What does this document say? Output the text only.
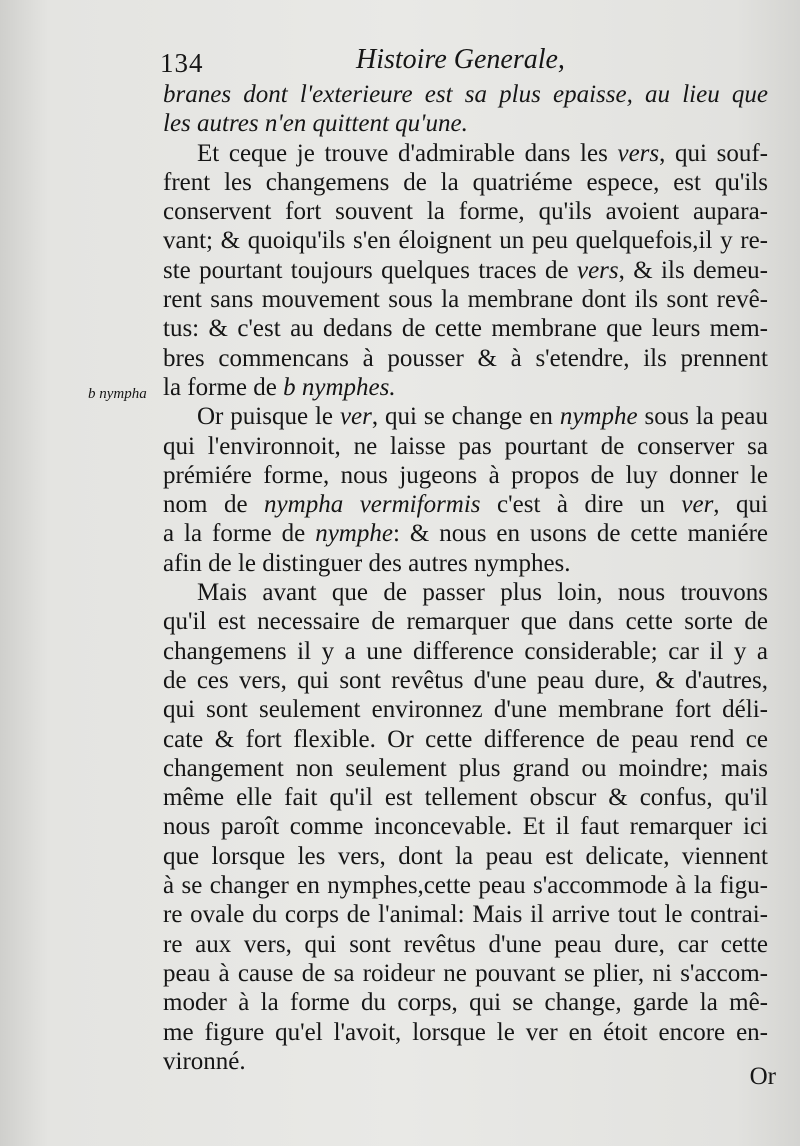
134	Histoire Generale,
b nympha
branes dont l'exterieure est sa plus epaisse, au lieu que
les autres n'en quittent qu'une.
Et ceque je trouve d'admirable dans les vers, qui souf-
frent les changemens de la quatriéme espece, est qu'ils
conservent fort souvent la forme, qu'ils avoient aupara-
vant; & quoiqu'ils s'en éloignent un peu quelquefois,il y re-
ste pourtant toujours quelques traces de vers, & ils demeu-
rent sans mouvement sous la membrane dont ils sont revê-
tus: & c'est au dedans de cette membrane que leurs mem-
bres commencans à pousser & à s'etendre, ils prennent
la forme de b nymphes.
Or puisque le ver, qui se change en nymphe sous la peau
qui l'environnoit, ne laisse pas pourtant de conserver sa
prémiére forme, nous jugeons à propos de luy donner le
nom de nympha vermiformis c'est à dire un ver, qui
a la forme de nymphe: & nous en usons de cette maniére
afin de le distinguer des autres nymphes.
Mais avant que de passer plus loin, nous trouvons
qu'il est necessaire de remarquer que dans cette sorte de
changemens il y a une difference considerable; car il y a
de ces vers, qui sont revêtus d'une peau dure, & d'autres,
qui sont seulement environnez d'une membrane fort déli-
cate & fort flexible. Or cette difference de peau rend ce
changement non seulement plus grand ou moindre; mais
même elle fait qu'il est tellement obscur & confus, qu'il
nous paroît comme inconcevable. Et il faut remarquer ici
que lorsque les vers, dont la peau est delicate, viennent
à se changer en nymphes,cette peau s'accommode à la figu-
re ovale du corps de l'animal: Mais il arrive tout le contrai-
re aux vers, qui sont revêtus d'une peau dure, car cette
peau à cause de sa roideur ne pouvant se plier, ni s'accom-
moder à la forme du corps, qui se change, garde la mê-
me figure qu'el l'avoit, lorsque le ver en étoit encore en-
vironné.
Or
